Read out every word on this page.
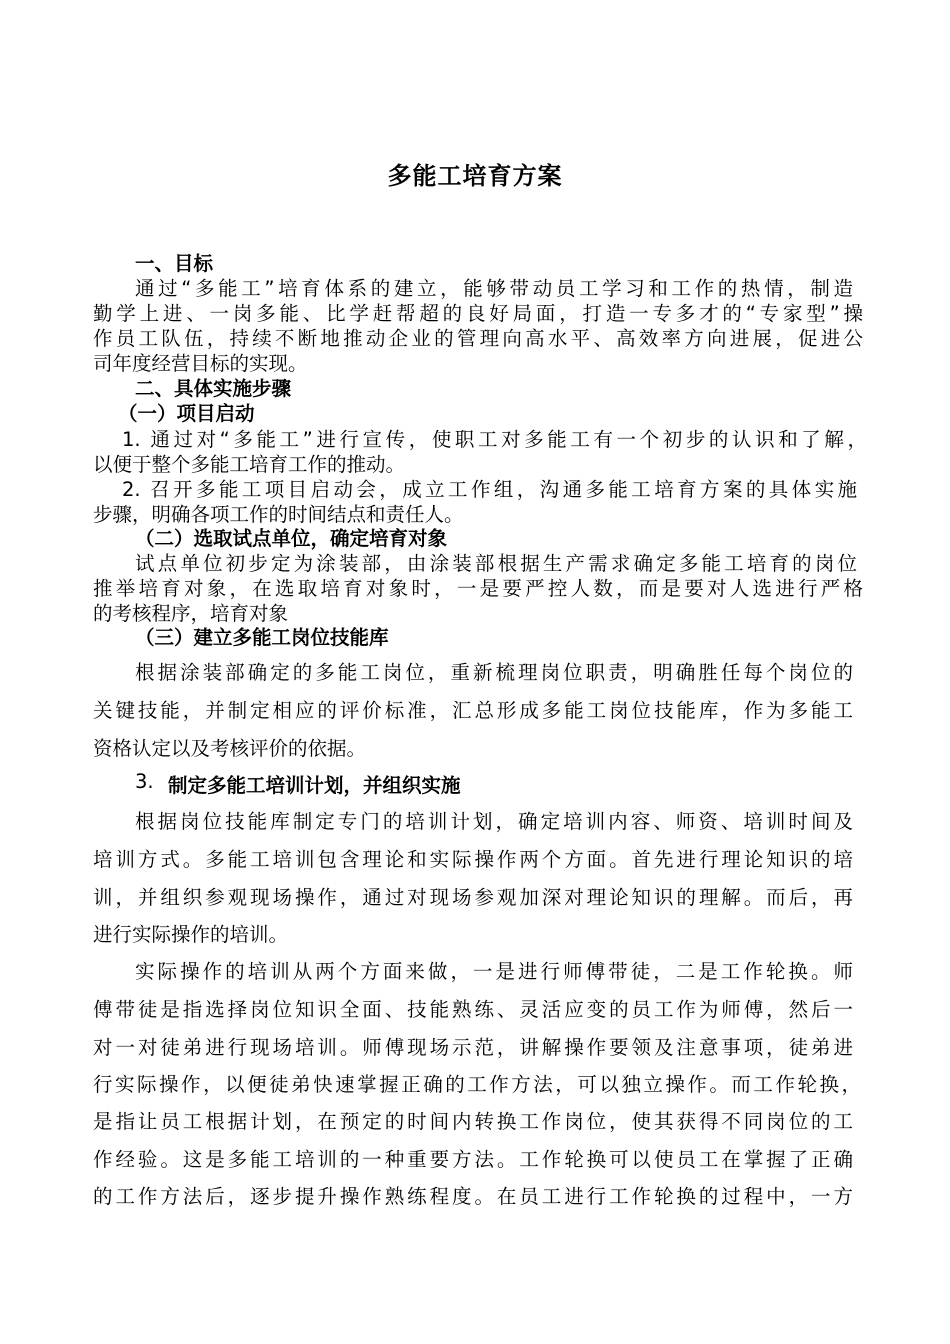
多能工培育方案
一、目标
通过“多能工”培育体系的建立，能够带动员工学习和工作的热情，制造
勤学上进、一岗多能、比学赶帮超的良好局面，打造一专多才的“专家型”操
作员工队伍，持续不断地推动企业的管理向高水平、高效率方向进展，促进公
司年度经营目标的实现。
二、具体实施步骤
（一）项目启动
1. 通过对“多能工”进行宣传，使职工对多能工有一个初步的认识和了解，
以便于整个多能工培育工作的推动。
2. 召开多能工项目启动会，成立工作组，沟通多能工培育方案的具体实施
步骤，明确各项工作的时间结点和责任人。
（二）选取试点单位，确定培育对象
试点单位初步定为涂装部，由涂装部根据生产需求确定多能工培育的岗位
推举培育对象，在选取培育对象时，一是要严控人数，而是要对人选进行严格
的考核程序，培育对象
（三）建立多能工岗位技能库
根据涂装部确定的多能工岗位，重新梳理岗位职责，明确胜任每个岗位的
关键技能，并制定相应的评价标准，汇总形成多能工岗位技能库，作为多能工
资格认定以及考核评价的依据。
3. 制定多能工培训计划，并组织实施
根据岗位技能库制定专门的培训计划，确定培训内容、师资、培训时间及
培训方式。多能工培训包含理论和实际操作两个方面。首先进行理论知识的培
训，并组织参观现场操作，通过对现场参观加深对理论知识的理解。而后，再
进行实际操作的培训。
实际操作的培训从两个方面来做，一是进行师傅带徒，二是工作轮换。师
傅带徒是指选择岗位知识全面、技能熟练、灵活应变的员工作为师傅，然后一
对一对徒弟进行现场培训。师傅现场示范，讲解操作要领及注意事项，徒弟进
行实际操作，以便徒弟快速掌握正确的工作方法，可以独立操作。而工作轮换，
是指让员工根据计划，在预定的时间内转换工作岗位，使其获得不同岗位的工
作经验。这是多能工培训的一种重要方法。工作轮换可以使员工在掌握了正确
的工作方法后，逐步提升操作熟练程度。在员工进行工作轮换的过程中，一方
